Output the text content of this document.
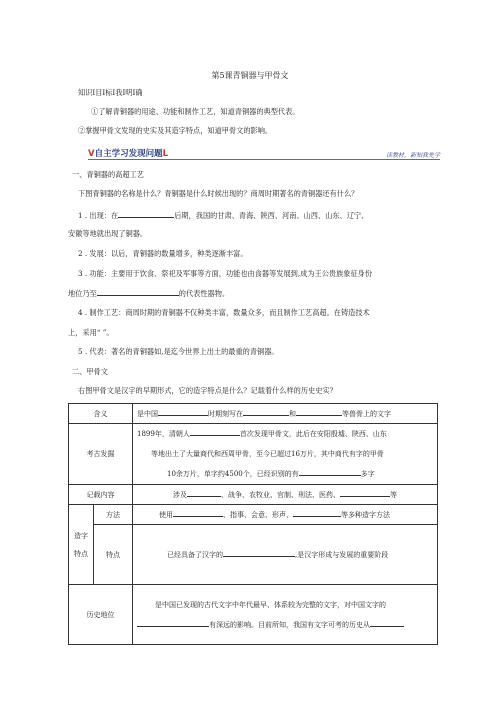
第5课青铜器与甲骨文
知识I目I标I我I明I确
①了解青铜器的用途、功能和制作工艺，知道青铜器的典型代表。
②掌握甲骨文发现的史实及其造字特点，知道甲骨文的影响。
V自主学习发现问题L	读教材，新知我先学
一、青铜器的高超工艺
下图青铜器的名称是什么？青铜器是什么时候出现的？商周时期著名的青铜器还有什么？
1 . 出现：在	后期，我国的甘肃、青海、陕西、河南、山西、山东、辽宁、
安徽等地就出现了铜器。
2 . 发展：以后，青铜器的数量增多，种类逐渐丰富。
3 . 功能：主要用于饮食、祭祀及军事等方面，功能也由食器等发展到,成为王公贵族象征身份
地位乃至	的代表性器物。
4 . 制作工艺：商周时期的青铜器不仅种类丰富，数量众多，而且制作工艺高超。在铸造技术
上，采用“ ”。
5 . 代表：著名的青铜器如,是迄今世界上出土的最重的青铜器。
二、甲骨文
右图甲骨文是汉字的早期形式，它的造字特点是什么？记载着什么样的历史史实？
含义		是中国 时期刻写在 和 等兽骨上的文字
考古发掘		1899年，清朝人 首次发现甲骨文，此后在安阳殷墟、陕西、山东
等地出土了大量商代和西周甲骨，至今已超过16万片，其中商代有字的甲骨
10余万片，单字约4500个，已经识别的有 多字

记载内容		涉及 、战争、农牧业、官制、刑法、医药、 等

造字
特点	方法	使用 、指事、会意、形声、 等多种造字方法
	特点	已经具备了汉字的 ,是汉字形成与发展的重要阶段
历史地位		是中国已发现的古代文字中年代最早、体系较为完整的文字，对中国文字的
有深远的影响。目前所知，我国有文字可考的历史从
